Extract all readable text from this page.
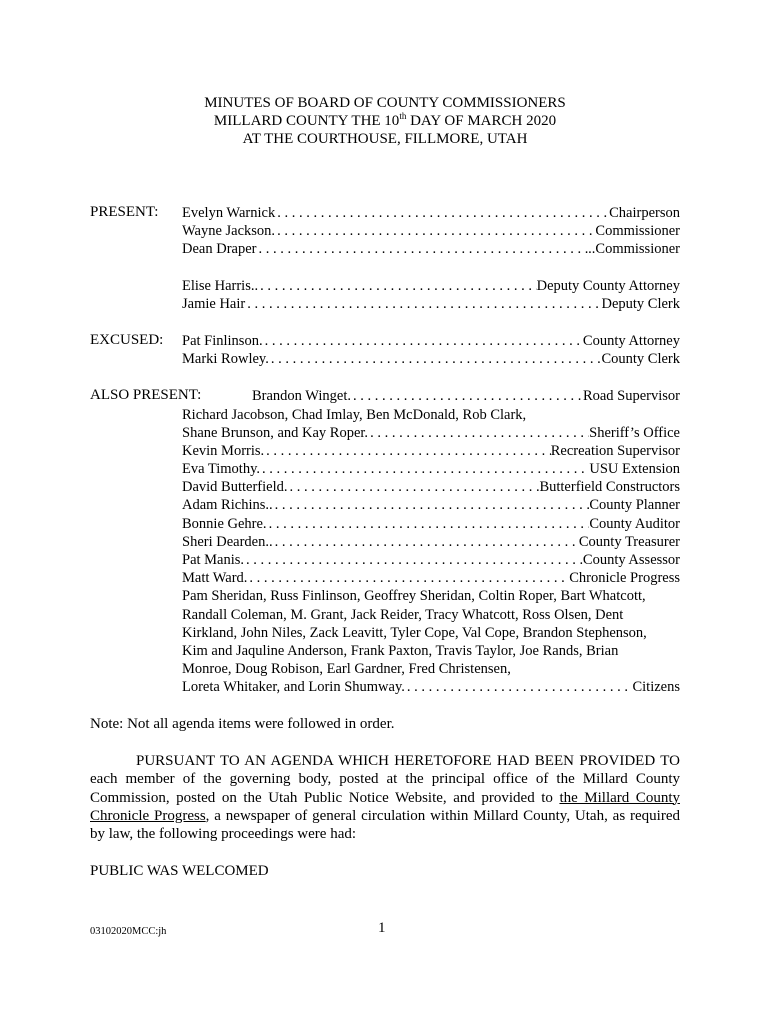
MINUTES OF BOARD OF COUNTY COMMISSIONERS
MILLARD COUNTY THE 10th DAY OF MARCH 2020
AT THE COURTHOUSE, FILLMORE, UTAH
PRESENT: Evelyn Warnick . . .	Chairperson
Wayne Jackson. . . .	Commissioner
Dean Draper . . .	..Commissioner
Elise Harris.. . . .	Deputy County Attorney
Jamie Hair . . .	Deputy Clerk
EXCUSED: Pat Finlinson. . . .	County Attorney
Marki Rowley. . . .	County Clerk
ALSO PRESENT:	Brandon Winget. . . .	Road Supervisor
Richard Jacobson, Chad Imlay, Ben McDonald, Rob Clark,
Shane Brunson, and Kay Roper. . . .	Sheriff’s Office
Kevin Morris. . . .	Recreation Supervisor
Eva Timothy. . . .	USU Extension
David Butterfield. . . .	Butterfield Constructors
Adam Richins.. . . .	County Planner
Bonnie Gehre. . . .	County Auditor
Sheri Dearden.. . . .	County Treasurer
Pat Manis. . . .	County Assessor
Matt Ward. . . .	Chronicle Progress
Pam Sheridan, Russ Finlinson, Geoffrey Sheridan, Coltin Roper, Bart Whatcott,
Randall Coleman, M. Grant, Jack Reider, Tracy Whatcott, Ross Olsen, Dent
Kirkland, John Niles, Zack Leavitt, Tyler Cope, Val Cope, Brandon Stephenson,
Kim and Jaquline Anderson, Frank Paxton, Travis Taylor, Joe Rands, Brian
Monroe, Doug Robison, Earl Gardner, Fred Christensen,
Loreta Whitaker, and Lorin Shumway. . . .	Citizens
Note: Not all agenda items were followed in order.
PURSUANT TO AN AGENDA WHICH HERETOFORE HAD BEEN PROVIDED TO each member of the governing body, posted at the principal office of the Millard County Commission, posted on the Utah Public Notice Website, and provided to the Millard County Chronicle Progress, a newspaper of general circulation within Millard County, Utah, as required by law, the following proceedings were had:
PUBLIC WAS WELCOMED
03102020MCC:jh	1
